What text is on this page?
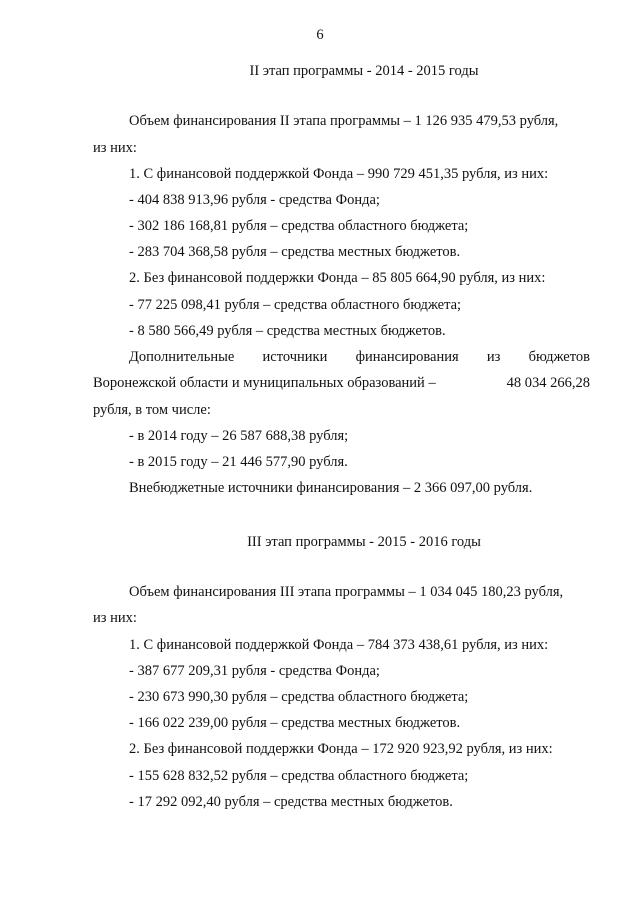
6
II этап программы - 2014 - 2015 годы
Объем финансирования II этапа программы – 1 126 935 479,53 рубля,
из них:
1. С финансовой поддержкой Фонда – 990 729 451,35 рубля, из них:
- 404 838 913,96 рубля - средства Фонда;
- 302 186 168,81 рубля – средства областного бюджета;
- 283 704 368,58 рубля – средства местных бюджетов.
2. Без финансовой поддержки Фонда – 85 805 664,90 рубля, из них:
- 77 225 098,41 рубля – средства областного бюджета;
- 8 580 566,49 рубля – средства местных бюджетов.
Дополнительные источники финансирования из бюджетов
Воронежской области и муниципальных образований –	48 034 266,28
рубля, в том числе:
- в 2014 году – 26 587 688,38 рубля;
- в 2015 году – 21 446 577,90 рубля.
Внебюджетные источники финансирования – 2 366 097,00 рубля.
III этап программы - 2015 - 2016 годы
Объем финансирования III этапа программы – 1 034 045 180,23 рубля,
из них:
1. С финансовой поддержкой Фонда – 784 373 438,61 рубля, из них:
- 387 677 209,31 рубля - средства Фонда;
- 230 673 990,30 рубля – средства областного бюджета;
- 166 022 239,00 рубля – средства местных бюджетов.
2. Без финансовой поддержки Фонда – 172 920 923,92 рубля, из них:
- 155 628 832,52 рубля – средства областного бюджета;
- 17 292 092,40 рубля – средства местных бюджетов.
